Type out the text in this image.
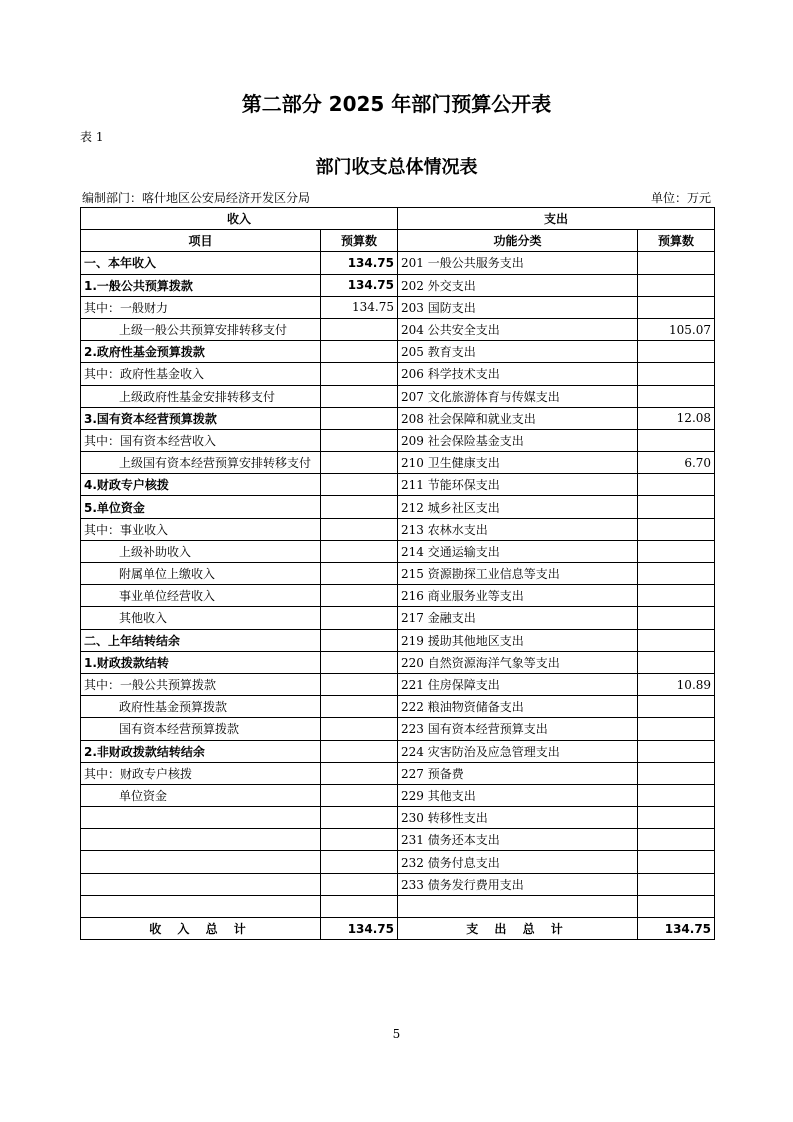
第二部分 2025 年部门预算公开表
表 1
部门收支总体情况表
编制部门：喀什地区公安局经济开发区分局	单位：万元
收入		支出	
项目	预算数	功能分类	预算数
一、本年收入	134.75	201 一般公共服务支出	
1.一般公共预算拨款	134.75	202 外交支出	
其中：一般财力	134.75	203 国防支出	
上级一般公共预算安排转移支付		204 公共安全支出	105.07
2.政府性基金预算拨款		205 教育支出	
其中：政府性基金收入		206 科学技术支出	
上级政府性基金安排转移支付		207 文化旅游体育与传媒支出	
3.国有资本经营预算拨款		208 社会保障和就业支出	12.08
其中：国有资本经营收入		209 社会保险基金支出	
上级国有资本经营预算安排转移支付		210 卫生健康支出	6.70
4.财政专户核拨		211 节能环保支出	
5.单位资金		212 城乡社区支出	
其中：事业收入		213 农林水支出	
上级补助收入		214 交通运输支出	
附属单位上缴收入		215 资源勘探工业信息等支出	
事业单位经营收入		216 商业服务业等支出	
其他收入		217 金融支出	
二、上年结转结余		219 援助其他地区支出	
1.财政拨款结转		220 自然资源海洋气象等支出	
其中：一般公共预算拨款		221 住房保障支出	10.89
政府性基金预算拨款		222 粮油物资储备支出	
国有资本经营预算拨款		223 国有资本经营预算支出	
2.非财政拨款结转结余		224 灾害防治及应急管理支出	
其中：财政专户核拨		227 预备费	
单位资金		229 其他支出	
		230 转移性支出	
		231 债务还本支出	
		232 债务付息支出	
		233 债务发行费用支出	

收 入 总 计	134.75	支 出 总 计	134.75
5
